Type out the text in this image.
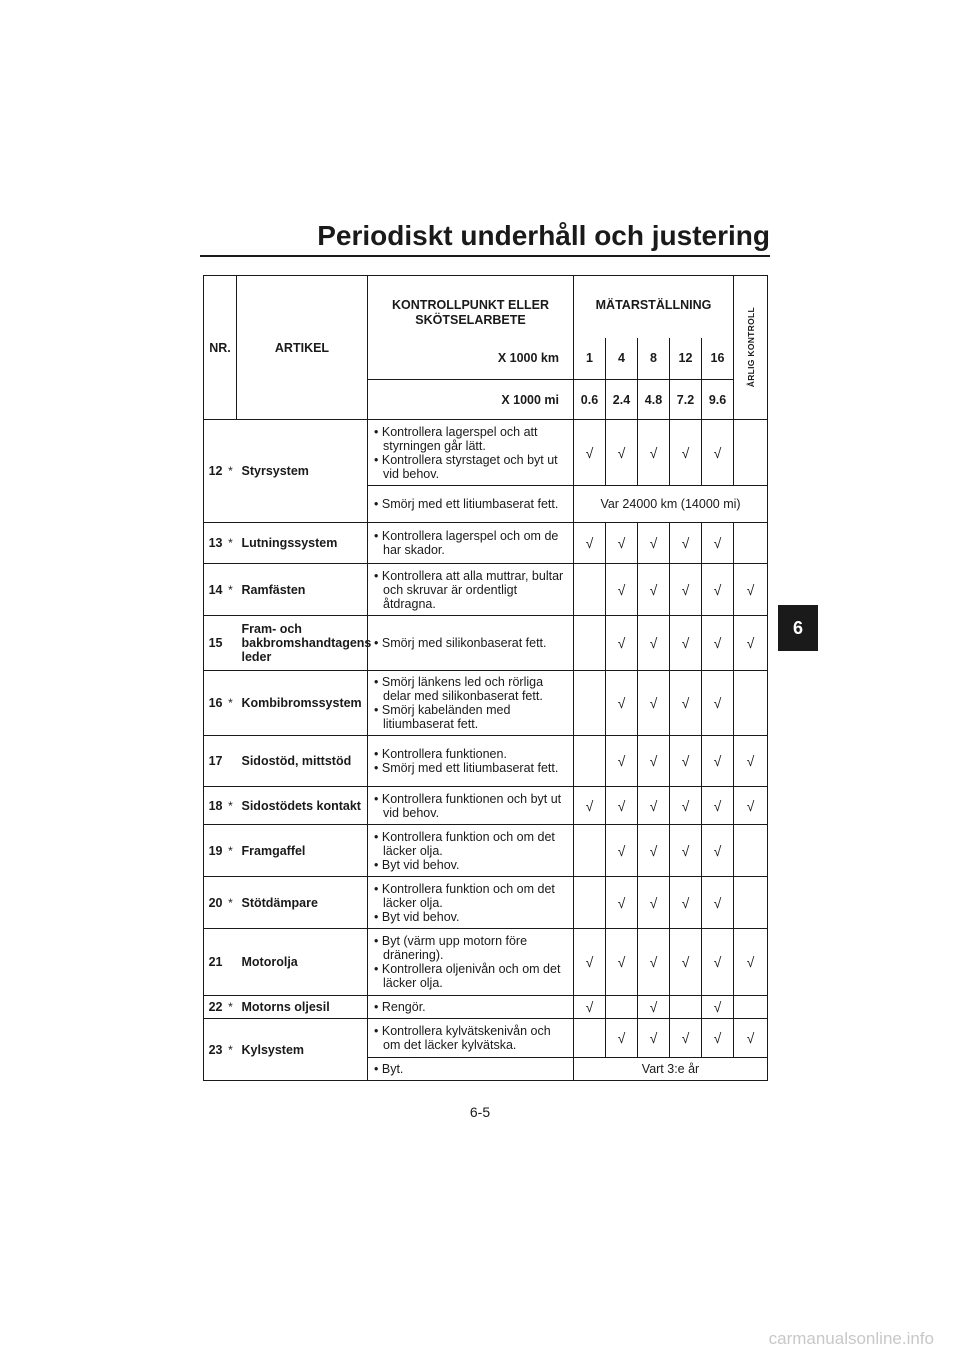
Periodiskt underhåll och justering
6
NR.		ARTIKEL	KONTROLLPUNKT ELLER
SKÖTSELARBETE	MÄTARSTÄLLNING					ÅRLIG KONTROLL

			X 1000 km	1	4	8	12	16	
			X 1000 mi	0.6	2.4	4.8	7.2	9.6	
12	*	Styrsystem	• Kontrollera lagerspel och att styrningen går lätt.
• Kontrollera styrstaget och byt ut vid behov.	√	√	√	√	√	

			• Smörj med ett litiumbaserat fett.	Var 24000 km (14000 mi)					
13	*	Lutningssystem	• Kontrollera lagerspel och om de har skador.	√	√	√	√	√	
14	*	Ramfästen	• Kontrollera att alla muttrar, bultar och skruvar är ordentligt åtdragna.		√	√	√	√	√
15		Fram- och bakbromshandtagens leder	• Smörj med silikonbaserat fett.		√	√	√	√	√
16	*	Kombibromssystem	• Smörj länkens led och rörliga delar med silikonbaserat fett.
• Smörj kabeländen med litiumbaserat fett.		√	√	√	√	
17		Sidostöd, mittstöd	• Kontrollera funktionen.
• Smörj med ett litiumbaserat fett.		√	√	√	√	√
18	*	Sidostödets kontakt	• Kontrollera funktionen och byt ut vid behov.	√	√	√	√	√	√
19	*	Framgaffel	• Kontrollera funktion och om det läcker olja.
• Byt vid behov.		√	√	√	√	
20	*	Stötdämpare	• Kontrollera funktion och om det läcker olja.
• Byt vid behov.		√	√	√	√	
21		Motorolja	• Byt (värm upp motorn före dränering).
• Kontrollera oljenivån och om det läcker olja.	√	√	√	√	√	√
22	*	Motorns oljesil	• Rengör.	√		√		√	
23	*	Kylsystem	• Kontrollera kylvätskenivån och om det läcker kylvätska.		√	√	√	√	√

			• Byt.	Vart 3:e år					
6-5
carmanualsonline.info
